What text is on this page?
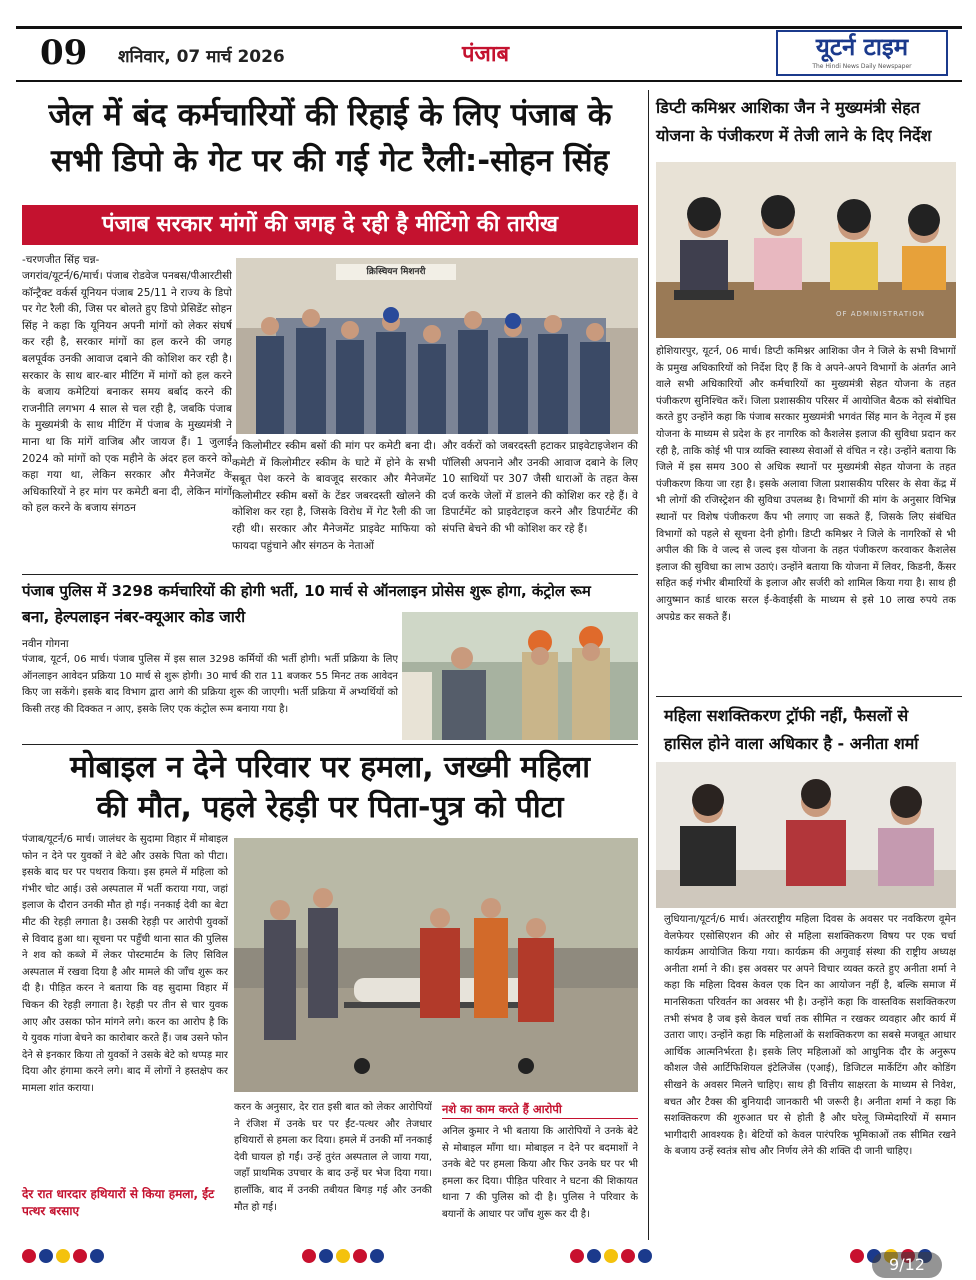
09 शनिवार, 07 मार्च 2026	पंजाब	यूटर्न टाइम
The Hindi News Daily Newspaper
जेल में बंद कर्मचारियों की रिहाई के लिए पंजाब के
सभी डिपो के गेट पर की गई गेट रैली:-सोहन सिंह
पंजाब सरकार मांगों की जगह दे रही है मीटिंगो की तारीख
-चरणजीत सिंह चन्न-
जगरांव/यूटर्न/6/मार्च। पंजाब रोडवेज पनबस/पीआरटीसी कॉन्ट्रैक्ट वर्कर्स यूनियन पंजाब 25/11 ने राज्य के डिपो पर गेट रैली की, जिस पर बोलते हुए डिपो प्रेसिडेंट सोहन सिंह ने कहा कि यूनियन अपनी मांगों को लेकर संघर्ष कर रही है, सरकार मांगों का हल करने की जगह बलपूर्वक उनकी आवाज दबाने की कोशिश कर रही है। सरकार के साथ बार-बार मीटिंग में मांगों को हल करने के बजाय कमेटियां बनाकर समय बर्बाद करने की राजनीति लगभग 4 साल से चल रही है, जबकि पंजाब के मुख्यमंत्री के साथ मीटिंग में पंजाब के मुख्यमंत्री ने माना था कि मांगें वाजिब और जायज हैं। 1 जुलाई 2024 को मांगों को एक महीने के अंदर हल करने को कहा गया था, लेकिन सरकार और मैनेजमेंट के अधिकारियों ने हर मांग पर कमेटी बना दी, लेकिन मांगों को हल करने के बजाय संगठन
क्रिस्चियन मिशनरी
ने किलोमीटर स्कीम बसों की मांग पर कमेटी बना दी। कमेटी में किलोमीटर स्कीम के घाटे में होने के सभी सबूत पेश करने के बावजूद सरकार और मैनेजमेंट किलोमीटर स्कीम बसों के टेंडर जबरदस्ती खोलने की कोशिश कर रहा है, जिसके विरोध में गेट रैली की जा रही थी। सरकार और मैनेजमेंट प्राइवेट माफिया को फायदा पहुंचाने और संगठन के नेताओं
और वर्करों को जबरदस्ती हटाकर प्राइवेटाइजेशन की पॉलिसी अपनाने और उनकी आवाज दबाने के लिए 10 साथियों पर 307 जैसी धाराओं के तहत केस दर्ज करके जेलों में डालने की कोशिश कर रहे हैं। वे डिपार्टमेंट को प्राइवेटाइज करने और डिपार्टमेंट की संपत्ति बेचने की भी कोशिश कर रहे हैं।
पंजाब पुलिस में 3298 कर्मचारियों की होगी भर्ती, 10 मार्च से ऑनलाइन प्रोसेस शुरू होगा, कंट्रोल रूम
बना, हेल्पलाइन नंबर-क्यूआर कोड जारी
नवीन गोगना
पंजाब, यूटर्न, 06 मार्च। पंजाब पुलिस में इस साल 3298 कर्मियों की भर्ती होगी। भर्ती प्रक्रिया के लिए ऑनलाइन आवेदन प्रक्रिया 10 मार्च से शुरू होगी। 30 मार्च की रात 11 बजकर 55 मिनट तक आवेदन किए जा सकेंगे। इसके बाद विभाग द्वारा आगे की प्रक्रिया शुरू की जाएगी। भर्ती प्रक्रिया में अभ्यर्थियों को किसी तरह की दिक्कत न आए, इसके लिए एक कंट्रोल रूम बनाया गया है।
मोबाइल न देने परिवार पर हमला, जख्मी महिला
की मौत, पहले रेहड़ी पर पिता-पुत्र को पीटा
पंजाब/यूटर्न/6 मार्च। जालंधर के सुदामा विहार में मोबाइल फोन न देने पर युवकों ने बेटे और उसके पिता को पीटा। इसके बाद घर पर पथराव किया। इस हमले में महिला को गंभीर चोट आई। उसे अस्पताल में भर्ती कराया गया, जहां इलाज के दौरान उनकी मौत हो गई। ननकाई देवी का बेटा मीट की रेहड़ी लगाता है। उसकी रेहड़ी पर आरोपी युवकों से विवाद हुआ था। सूचना पर पहुँची थाना सात की पुलिस ने शव को कब्जे में लेकर पोस्टमार्टम के लिए सिविल अस्पताल में रखवा दिया है और मामले की जाँच शुरू कर दी है। पीड़ित करन ने बताया कि वह सुदामा विहार में चिकन की रेहड़ी लगाता है। रेहड़ी पर तीन से चार युवक आए और उसका फोन मांगने लगे। करन का आरोप है कि ये युवक गांजा बेचने का कारोबार करते हैं। जब उसने फोन देने से इनकार किया तो युवकों ने उसके बेटे को थप्पड़ मार दिया और हंगामा करने लगे। बाद में लोगों ने हस्तक्षेप कर मामला शांत कराया।
देर रात धारदार हथियारों से किया हमला, ईंट पत्थर बरसाए
करन के अनुसार, देर रात इसी बात को लेकर आरोपियों ने रंजिश में उनके घर पर ईंट-पत्थर और तेजधार हथियारों से हमला कर दिया। हमले में उनकी माँ ननकाई देवी घायल हो गईं। उन्हें तुरंत अस्पताल ले जाया गया, जहाँ प्राथमिक उपचार के बाद उन्हें घर भेज दिया गया। हालाँकि, बाद में उनकी तबीयत बिगड़ गई और उनकी मौत हो गई।
नशे का काम करते हैं आरोपी
अनिल कुमार ने भी बताया कि आरोपियों ने उनके बेटे से मोबाइल माँगा था। मोबाइल न देने पर बदमाशों ने उनके बेटे पर हमला किया और फिर उनके घर पर भी हमला कर दिया। पीड़ित परिवार ने घटना की शिकायत थाना 7 की पुलिस को दी है। पुलिस ने परिवार के बयानों के आधार पर जाँच शुरू कर दी है।
डिप्टी कमिश्नर आशिका जैन ने मुख्यमंत्री सेहत
योजना के पंजीकरण में तेजी लाने के दिए निर्देश
OF ADMINISTRATION
होशियारपुर, यूटर्न, 06 मार्च। डिप्टी कमिश्नर आशिका जैन ने जिले के सभी विभागों के प्रमुख अधिकारियों को निर्देश दिए हैं कि वे अपने-अपने विभागों के अंतर्गत आने वाले सभी अधिकारियों और कर्मचारियों का मुख्यमंत्री सेहत योजना के तहत पंजीकरण सुनिश्चित करें। जिला प्रशासकीय परिसर में आयोजित बैठक को संबोधित करते हुए उन्होंने कहा कि पंजाब सरकार मुख्यमंत्री भगवंत सिंह मान के नेतृत्व में इस योजना के माध्यम से प्रदेश के हर नागरिक को कैशलेस इलाज की सुविधा प्रदान कर रही है, ताकि कोई भी पात्र व्यक्ति स्वास्थ्य सेवाओं से वंचित न रहे। उन्होंने बताया कि जिले में इस समय 300 से अधिक स्थानों पर मुख्यमंत्री सेहत योजना के तहत पंजीकरण किया जा रहा है। इसके अलावा जिला प्रशासकीय परिसर के सेवा केंद्र में भी लोगों की रजिस्ट्रेशन की सुविधा उपलब्ध है। विभागों की मांग के अनुसार विभिन्न स्थानों पर विशेष पंजीकरण कैंप भी लगाए जा सकते हैं, जिसके लिए संबंधित विभागों को पहले से सूचना देनी होगी। डिप्टी कमिश्नर ने जिले के नागरिकों से भी अपील की कि वे जल्द से जल्द इस योजना के तहत पंजीकरण करवाकर कैशलेस इलाज की सुविधा का लाभ उठाएं। उन्होंने बताया कि योजना में लिवर, किडनी, कैंसर सहित कई गंभीर बीमारियों के इलाज और सर्जरी को शामिल किया गया है। साथ ही आयुष्मान कार्ड धारक सरल ई-केवाईसी के माध्यम से इसे 10 लाख रुपये तक अपग्रेड कर सकते हैं।
महिला सशक्तिकरण ट्रॉफी नहीं, फैसलों से
हासिल होने वाला अधिकार है - अनीता शर्मा
लुधियाना/यूटर्न/6 मार्च। अंतरराष्ट्रीय महिला दिवस के अवसर पर नवकिरण वूमेन वेलफेयर एसोसिएशन की ओर से महिला सशक्तिकरण विषय पर एक चर्चा कार्यक्रम आयोजित किया गया। कार्यक्रम की अगुवाई संस्था की राष्ट्रीय अध्यक्ष अनीता शर्मा ने की। इस अवसर पर अपने विचार व्यक्त करते हुए अनीता शर्मा ने कहा कि महिला दिवस केवल एक दिन का आयोजन नहीं है, बल्कि समाज में मानसिकता परिवर्तन का अवसर भी है। उन्होंने कहा कि वास्तविक सशक्तिकरण तभी संभव है जब इसे केवल चर्चा तक सीमित न रखकर व्यवहार और कार्य में उतारा जाए। उन्होंने कहा कि महिलाओं के सशक्तिकरण का सबसे मजबूत आधार आर्थिक आत्मनिर्भरता है। इसके लिए महिलाओं को आधुनिक दौर के अनुरूप कौशल जैसे आर्टिफिशियल इंटेलिजेंस (एआई), डिजिटल मार्केटिंग और कोडिंग सीखने के अवसर मिलने चाहिए। साथ ही वित्तीय साक्षरता के माध्यम से निवेश, बचत और टैक्स की बुनियादी जानकारी भी जरूरी है। अनीता शर्मा ने कहा कि सशक्तिकरण की शुरुआत घर से होती है और घरेलू जिम्मेदारियों में समान भागीदारी आवश्यक है। बेटियों को केवल पारंपरिक भूमिकाओं तक सीमित रखने के बजाय उन्हें स्वतंत्र सोच और निर्णय लेने की शक्ति दी जानी चाहिए।
9/12
